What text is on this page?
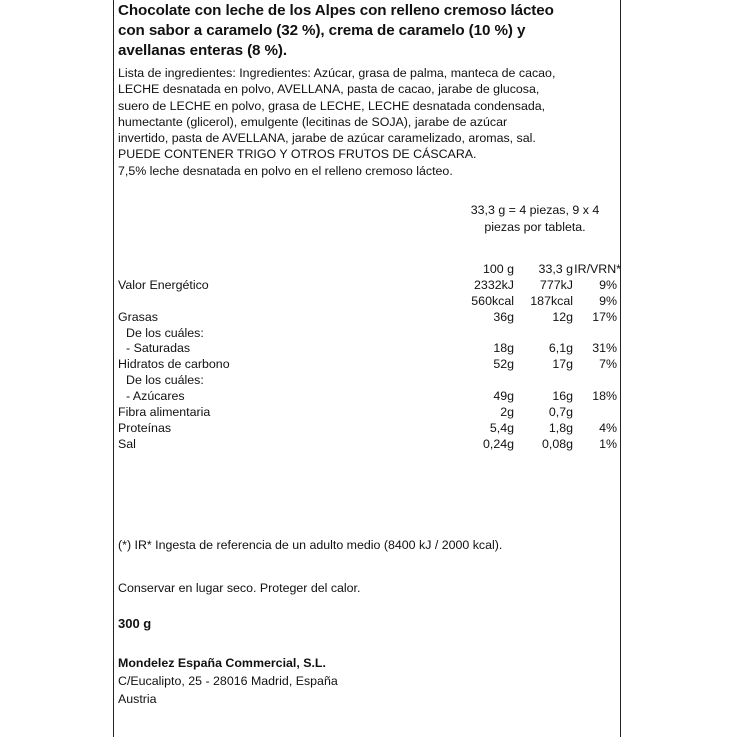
Chocolate con leche de los Alpes con relleno cremoso lácteo
con sabor a caramelo (32 %), crema de caramelo (10 %) y
avellanas enteras (8 %).
Lista de ingredientes: Ingredientes: Azúcar, grasa de palma, manteca de cacao,
LECHE desnatada en polvo, AVELLANA, pasta de cacao, jarabe de glucosa,
suero de LECHE en polvo, grasa de LECHE, LECHE desnatada condensada,
humectante (glicerol), emulgente (lecitinas de SOJA), jarabe de azúcar
invertido, pasta de AVELLANA, jarabe de azúcar caramelizado, aromas, sal.
PUEDE CONTENER TRIGO Y OTROS FRUTOS DE CÁSCARA.
7,5% leche desnatada en polvo en el relleno cremoso lácteo.
33,3 g = 4 piezas, 9 x 4
piezas por tableta.
100 g 33,3 g IR/VRN*
Valor Energético	2332kJ 777kJ 9%
560kcal 187kcal 9%
Grasas	36g	12g 17%
De los cuáles:
- Saturadas	18g	6,1g 31%
Hidratos de carbono	52g	17g 7%
De los cuáles:
- Azúcares	49g	16g 18%
Fibra alimentaria	2g	0,7g
Proteínas	5,4g	1,8g 4%
Sal	0,24g 0,08g 1%
(*) IR* Ingesta de referencia de un adulto medio (8400 kJ / 2000 kcal).
Conservar en lugar seco. Proteger del calor.
300 g
Mondelez España Commercial, S.L.
C/Eucalipto, 25 - 28016 Madrid, España
Austria
